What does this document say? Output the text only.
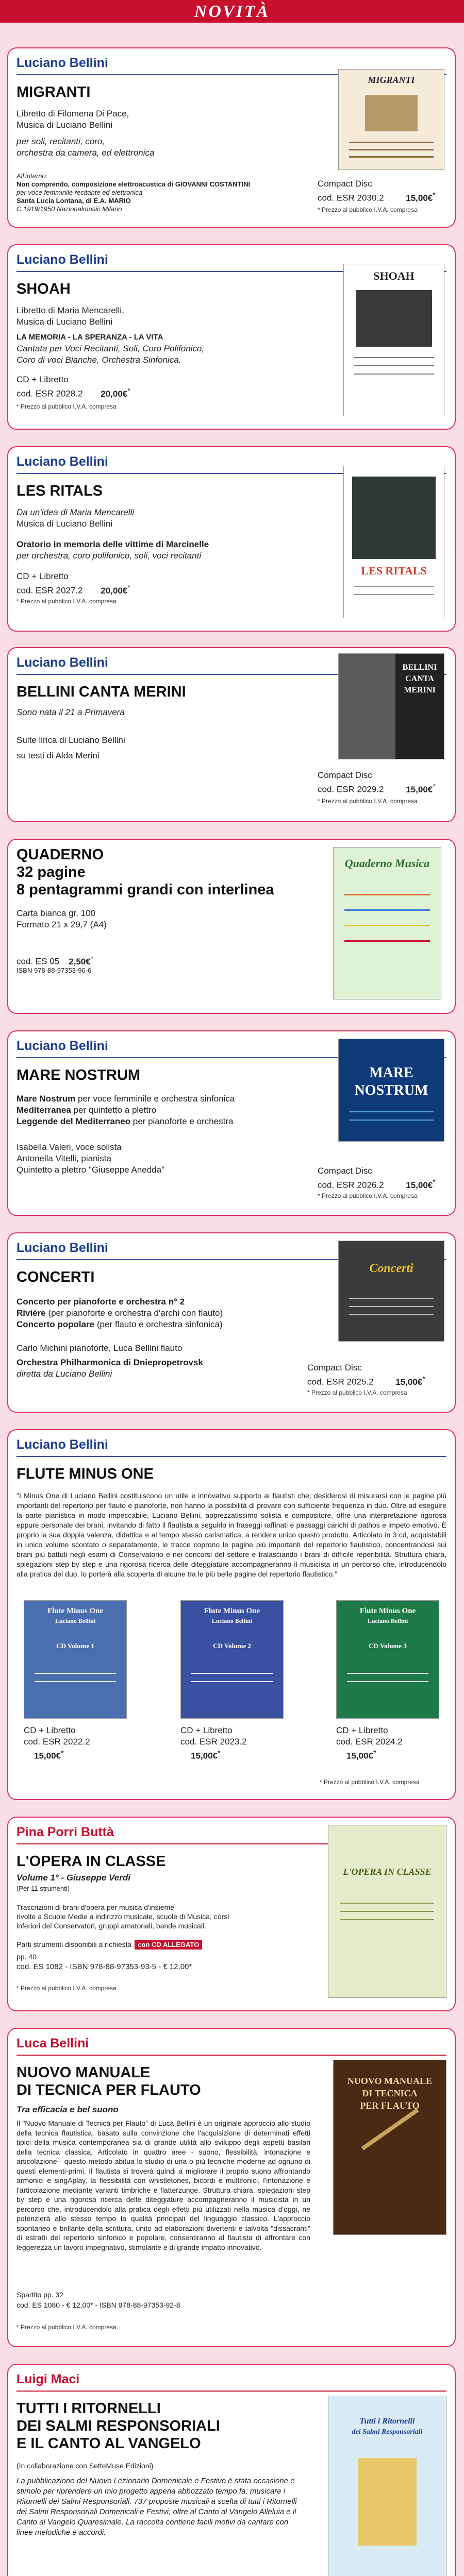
NOVITÀ
Luciano Bellini
MIGRANTI
Libretto di Filomena Di Pace,
Musica di Luciano Bellini
per soli, recitanti, coro,
orchestra da camera, ed elettronica
All'interno:
Non comprendo, composizione elettroacustica di GIOVANNI COSTANTINI
per voce femminile recitante ed elettronica
Santa Lucia Lontana, di E.A. MARIO
C.1919/1950 Nazionalmusic Milano
MIGRANTI
Compact Disc
cod. ESR 2030.2	15,00€*
* Prezzo al pubblico I.V.A. compresa
Luciano Bellini
SHOAH
Libretto di Maria Mencarelli,
Musica di Luciano Bellini
LA MEMORIA - LA SPERANZA - LA VITA
Cantata per Voci Recitanti, Soli, Coro Polifonico,
Coro di voci Bianche, Orchestra Sinfonica.
CD + Libretto
cod. ESR 2028.2 20,00€*
* Prezzo al pubblico I.V.A. compresa
SHOAH
Luciano Bellini
LES RITALS
Da un'idea di Maria Mencarelli
Musica di Luciano Bellini
Oratorio in memoria delle vittime di Marcinelle
per orchestra, coro polifonico, soli, voci recitanti
CD + Libretto
cod. ESR 2027.2 20,00€*
* Prezzo al pubblico I.V.A. compresa
LES RITALS
Luciano Bellini
BELLINI CANTA MERINI
Sono nata il 21 a Primavera
Suite lirica di Luciano Bellini
su testi di Alda Merini
BELLINI
CANTA
MERINI
Compact Disc
cod. ESR 2029.2	15,00€*
* Prezzo al pubblico I.V.A. compresa
QUADERNO
32 pagine
8 pentagrammi grandi con interlinea
Carta bianca gr. 100
Formato 21 x 29,7 (A4)
cod. ES 05 2,50€*
ISBN 978-88-97353-96-6
Quaderno Musica
Luciano Bellini
MARE NOSTRUM
Mare Nostrum per voce femminile e orchestra sinfonica
Mediterranea per quintetto a plettro
Leggende del Mediterraneo per pianoforte e orchestra
Isabella Valeri, voce solista
Antonella Vitelli, pianista
Quintetto a plettro "Giuseppe Anedda"
MARE
NOSTRUM
Compact Disc
cod. ESR 2026.2	15,00€*
* Prezzo al pubblico I.V.A. compresa
Luciano Bellini
CONCERTI
Concerto per pianoforte e orchestra n° 2
Rivière (per pianoforte e orchestra d'archi con flauto)
Concerto popolare (per flauto e orchestra sinfonica)
Carlo Michini pianoforte, Luca Bellini flauto
Orchestra Philharmonica di Dniepropetrovsk
diretta da Luciano Bellini
Concerti
Compact Disc
cod. ESR 2025.2	15,00€*
* Prezzo al pubblico I.V.A. compresa
Luciano Bellini
FLUTE MINUS ONE
"I Minus One di Luciano Bellini costituiscono un utile e innovativo supporto ai flautisti che, desiderosi di misurarsi con le pagine più importanti del repertorio per flauto e pianoforte, non hanno la possibilità di provare con sufficiente frequenza in duo. Oltre ad eseguire la parte pianistica in modo impeccabile, Luciano Bellini, apprezzatissimo solista e compositore, offre una interpretazione rigorosa eppure personale dei brani, invitando di fatto il flautista a seguirlo in fraseggi raffinati e passaggi carichi di pathos e impeto emotivo. È proprio la sua doppia valenza, didattica e al tempo stesso carismatica, a rendere unico questo prodotto. Articolato in 3 cd, acquistabili in unico volume scontato o separatamente, le tracce coprono le pagine più importanti del repertorio flautistico, concentrandosi sui brani più battuti negli esami di Conservatorio e nei concorsi del settore e tralasciando i brani di difficile reperibilità. Struttura chiara, spiegazioni step by step e una rigorosa ricerca delle diteggiature accompagneranno il musicista in un percorso che, introducendolo alla pratica del duo, lo porterà alla scoperta di alcune tra le più belle pagine del repertorio flautistico."
Flute Minus One
Luciano Bellini
CD Volume 1
Flute Minus One
Luciano Bellini
CD Volume 2
Flute Minus One
Luciano Bellini
CD Volume 3
CD + Libretto
cod. ESR 2022.2
15,00€*
CD + Libretto
cod. ESR 2023.2
15,00€*
CD + Libretto
cod. ESR 2024.2
15,00€*
* Prezzo al pubblico I.V.A. compresa
Pina Porri Buttà
L'OPERA IN CLASSE
Volume 1° - Giuseppe Verdi
(Per 11 strumenti)
Trascrizioni di brani d'opera per musica d'insieme
rivolte a Scuole Medie a indirizzo musicale, scuole di Musica, corsi
inferiori dei Conservatori, gruppi amatoriali, bande musicali.
Parti strumenti disponibili a richiesta con CD ALLEGATO
pp. 40
cod. ES 1082 - ISBN 978-88-97353-93-5 - € 12,00*
* Prezzo al pubblico I.V.A. compresa
L'OPERA IN CLASSE
Luca Bellini
NUOVO MANUALE
DI TECNICA PER FLAUTO
Tra efficacia e bel suono
Il "Nuovo Manuale di Tecnica per Flauto" di Luca Bellini è un originale approccio allo studio della tecnica flautistica, basato sulla convinzione che l'acquisizione di determinati effetti tipici della musica contemporanea sia di grande utilità allo sviluppo degli aspetti basilari della tecnica classica. Articolato in quattro aree - suono, flessibilità, intonazione e articolazione - questo metodo abitua lo studio di una o più tecniche moderne ad ognuno di questi elementi-primi. Il flautista si troverà quindi a migliorare il proprio suono affrontando armonici e singAplay, la flessibilità con whistletones, bicordi e multifonici, l'intonazione e l'articolazione mediante varianti timbriche e flatterzunge. Struttura chiara, spiegazioni step by step e una rigorosa ricerca delle diteggiature accompagneranno il musicista in un percorso che, introducendolo alla pratica degli effetti più utilizzati nella musica d'oggi, ne potenzierà allo stesso tempo la qualità principali del linguaggio classico. L'approccio spontaneo e brillante della scrittura, unito ad elaborazioni divertenti e talvolta "dissacranti" di estratti del repertorio sinfonico e popolare, consentiranno al flautista di affrontare con leggerezza un lavoro impegnativo, stimolante e di grande impatto innovativo.
Spartito pp. 32
cod. ES 1080 - € 12,00* - ISBN 978-88-97353-92-8
* Prezzo al pubblico I.V.A. compresa
NUOVO MANUALE
DI TECNICA
PER FLAUTO
Luigi Maci
TUTTI I RITORNELLI
DEI SALMI RESPONSORIALI
E IL CANTO AL VANGELO
(In collaborazione con SetteMuse Edizioni)
La pubblicazione del Nuovo Lezionario Domenicale e Festivo è stata occasione e stimolo per riprendere un mio progetto appena abbozzato tempo fa: musicare i Ritornelli dei Salmi Responsoriali. 737 proposte musicali a scelta di tutti i Ritornelli dei Salmi Responsoriali Domenicali e Festivi, oltre al Canto al Vangelo Alleluia e il Canto al Vangelo Quaresimale. La raccolta contiene facili motivi da cantare con linee melodiche e accordi.
Tutti i Ritornelli
dei Salmi Responsoriali
